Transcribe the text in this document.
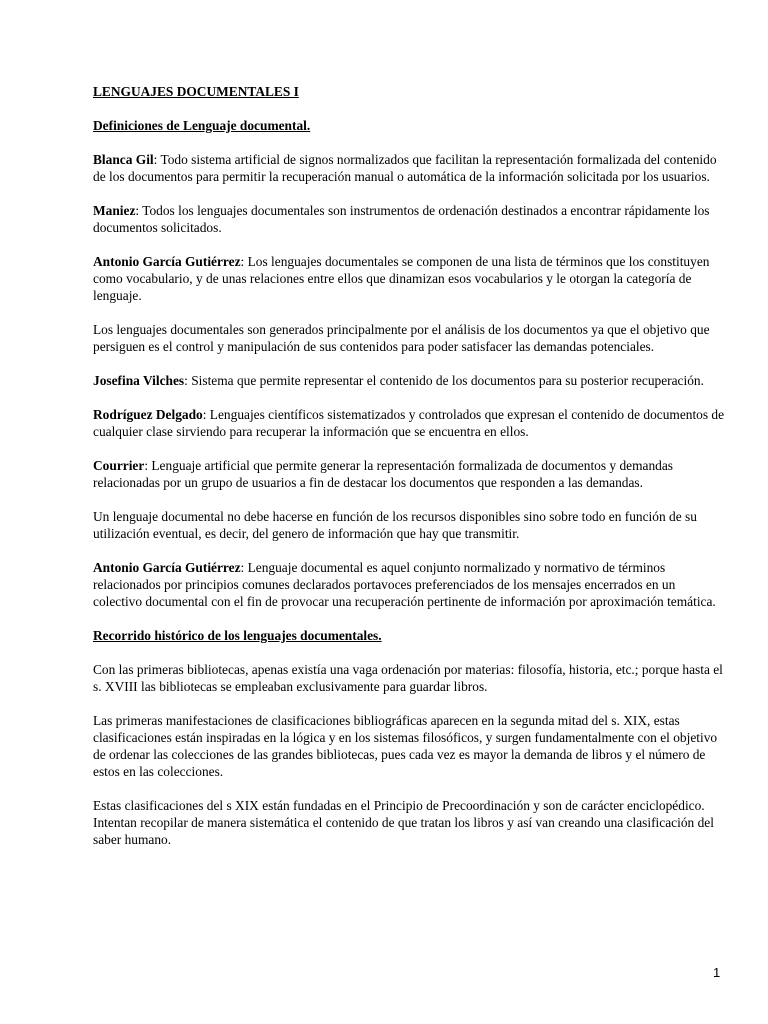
LENGUAJES DOCUMENTALES I
Definiciones de Lenguaje documental.

Blanca Gil: Todo sistema artificial de signos normalizados que facilitan la representación formalizada del contenido de los documentos para permitir la recuperación manual o automática de la información solicitada por los usuarios.

Maniez: Todos los lenguajes documentales son instrumentos de ordenación destinados a encontrar rápidamente los documentos solicitados.

Antonio García Gutiérrez: Los lenguajes documentales se componen de una lista de términos que los constituyen como vocabulario, y de unas relaciones entre ellos que dinamizan esos vocabularios y le otorgan la categoría de lenguaje.

Los lenguajes documentales son generados principalmente por el análisis de los documentos ya que el objetivo que persiguen es el control y manipulación de sus contenidos para poder satisfacer las demandas potenciales.

Josefina Vilches: Sistema que permite representar el contenido de los documentos para su posterior recuperación.

Rodríguez Delgado: Lenguajes científicos sistematizados y controlados que expresan el contenido de documentos de cualquier clase sirviendo para recuperar la información que se encuentra en ellos.

Courrier: Lenguaje artificial que permite generar la representación formalizada de documentos y demandas relacionadas por un grupo de usuarios a fin de destacar los documentos que responden a las demandas.

Un lenguaje documental no debe hacerse en función de los recursos disponibles sino sobre todo en función de su utilización eventual, es decir, del genero de información que hay que transmitir.

Antonio García Gutiérrez: Lenguaje documental es aquel conjunto normalizado y normativo de términos relacionados por principios comunes declarados portavoces preferenciados de los mensajes encerrados en un colectivo documental con el fin de provocar una recuperación pertinente de información por aproximación temática.

Recorrido histórico de los lenguajes documentales.

Con las primeras bibliotecas, apenas existía una vaga ordenación por materias: filosofía, historia, etc.; porque hasta el s. XVIII las bibliotecas se empleaban exclusivamente para guardar libros.

Las primeras manifestaciones de clasificaciones bibliográficas aparecen en la segunda mitad del s. XIX, estas clasificaciones están inspiradas en la lógica y en los sistemas filosóficos, y surgen fundamentalmente con el objetivo de ordenar las colecciones de las grandes bibliotecas, pues cada vez es mayor la demanda de libros y el número de estos en las colecciones.

Estas clasificaciones del s XIX están fundadas en el Principio de Precoordinación y son de carácter enciclopédico. Intentan recopilar de manera sistemática el contenido de que tratan los libros y así van creando una clasificación del saber humano.

1
